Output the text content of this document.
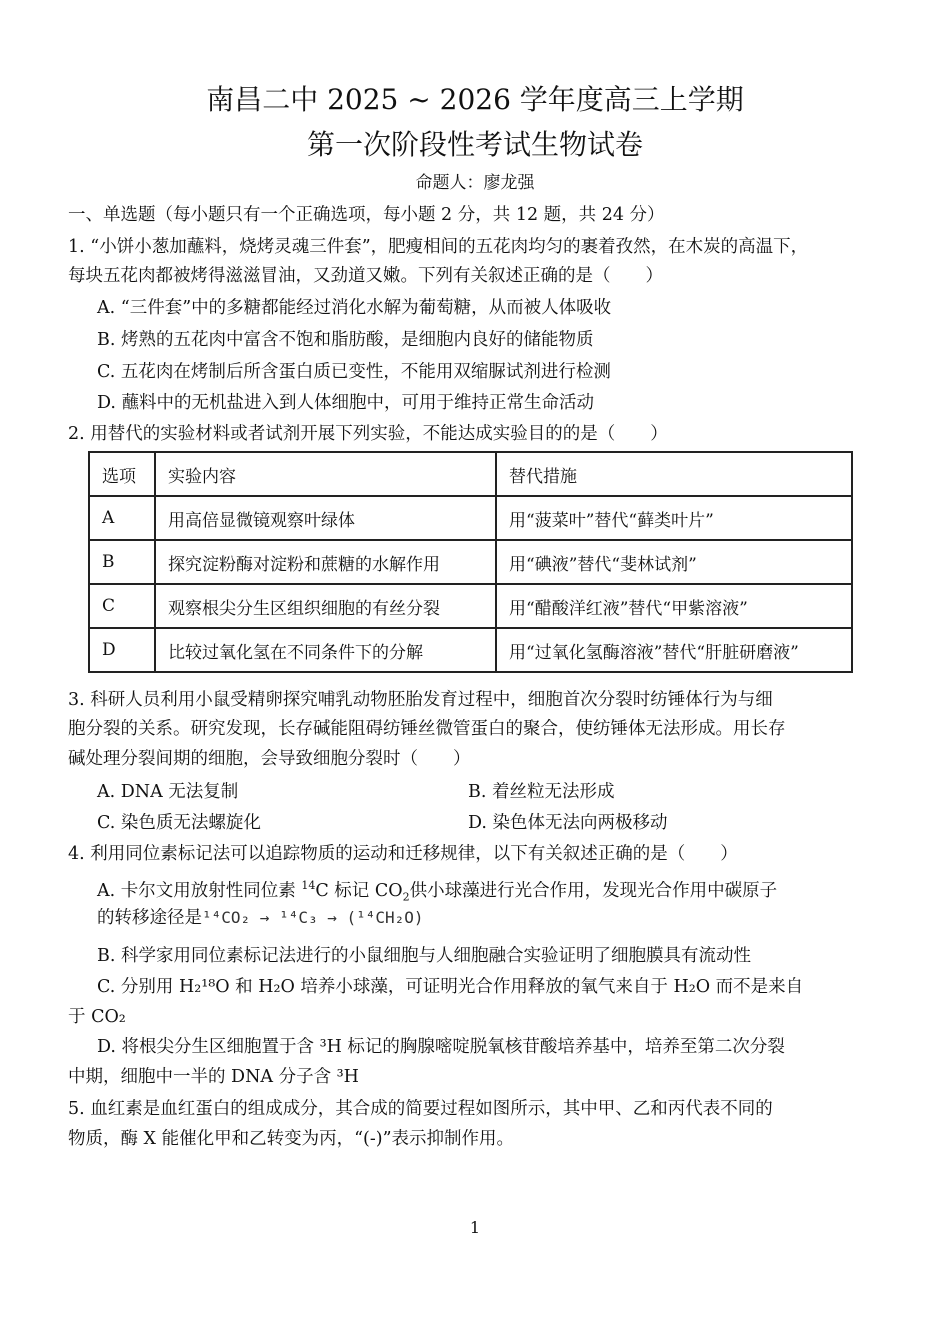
南昌二中 2025 ~ 2026 学年度高三上学期
第一次阶段性考试生物试卷
命题人：廖龙强
一、单选题（每小题只有一个正确选项，每小题 2 分，共 12 题，共 24 分）
1. “小饼小葱加蘸料，烧烤灵魂三件套”，肥瘦相间的五花肉均匀的裹着孜然，在木炭的高温下，
每块五花肉都被烤得滋滋冒油，又劲道又嫩。下列有关叙述正确的是（　　）
A. “三件套”中的多糖都能经过消化水解为葡萄糖，从而被人体吸收
B. 烤熟的五花肉中富含不饱和脂肪酸，是细胞内良好的储能物质
C. 五花肉在烤制后所含蛋白质已变性，不能用双缩脲试剂进行检测
D. 蘸料中的无机盐进入到人体细胞中，可用于维持正常生命活动
2. 用替代的实验材料或者试剂开展下列实验，不能达成实验目的的是（　　）
选项	实验内容	替代措施
A	用高倍显微镜观察叶绿体	用“菠菜叶”替代“藓类叶片”
B	探究淀粉酶对淀粉和蔗糖的水解作用	用“碘液”替代“斐林试剂”
C	观察根尖分生区组织细胞的有丝分裂	用“醋酸洋红液”替代“甲紫溶液”
D	比较过氧化氢在不同条件下的分解	用“过氧化氢酶溶液”替代“肝脏研磨液”
3. 科研人员利用小鼠受精卵探究哺乳动物胚胎发育过程中，细胞首次分裂时纺锤体行为与细
胞分裂的关系。研究发现，长存碱能阻碍纺锤丝微管蛋白的聚合，使纺锤体无法形成。用长存
碱处理分裂间期的细胞，会导致细胞分裂时（　　）
A. DNA 无法复制	B. 着丝粒无法形成
C. 染色质无法螺旋化	D. 染色体无法向两极移动
4. 利用同位素标记法可以追踪物质的运动和迁移规律，以下有关叙述正确的是（　　）
A. 卡尔文用放射性同位素 $^{14}$C 标记 $CO_2$供小球藻进行光合作用，发现光合作用中碳原子
的转移途径是¹⁴CO₂ → ¹⁴C₃ → (¹⁴CH₂O)
B. 科学家用同位素标记法进行的小鼠细胞与人细胞融合实验证明了细胞膜具有流动性
C. 分别用 H₂¹⁸O 和 H₂O 培养小球藻，可证明光合作用释放的氧气来自于 H₂O 而不是来自
于 CO₂
D. 将根尖分生区细胞置于含 ³H 标记的胸腺嘧啶脱氧核苷酸培养基中，培养至第二次分裂
中期，细胞中一半的 DNA 分子含 ³H
5. 血红素是血红蛋白的组成成分，其合成的简要过程如图所示，其中甲、乙和丙代表不同的
物质，酶 X 能催化甲和乙转变为丙，“(-)”表示抑制作用。
1
